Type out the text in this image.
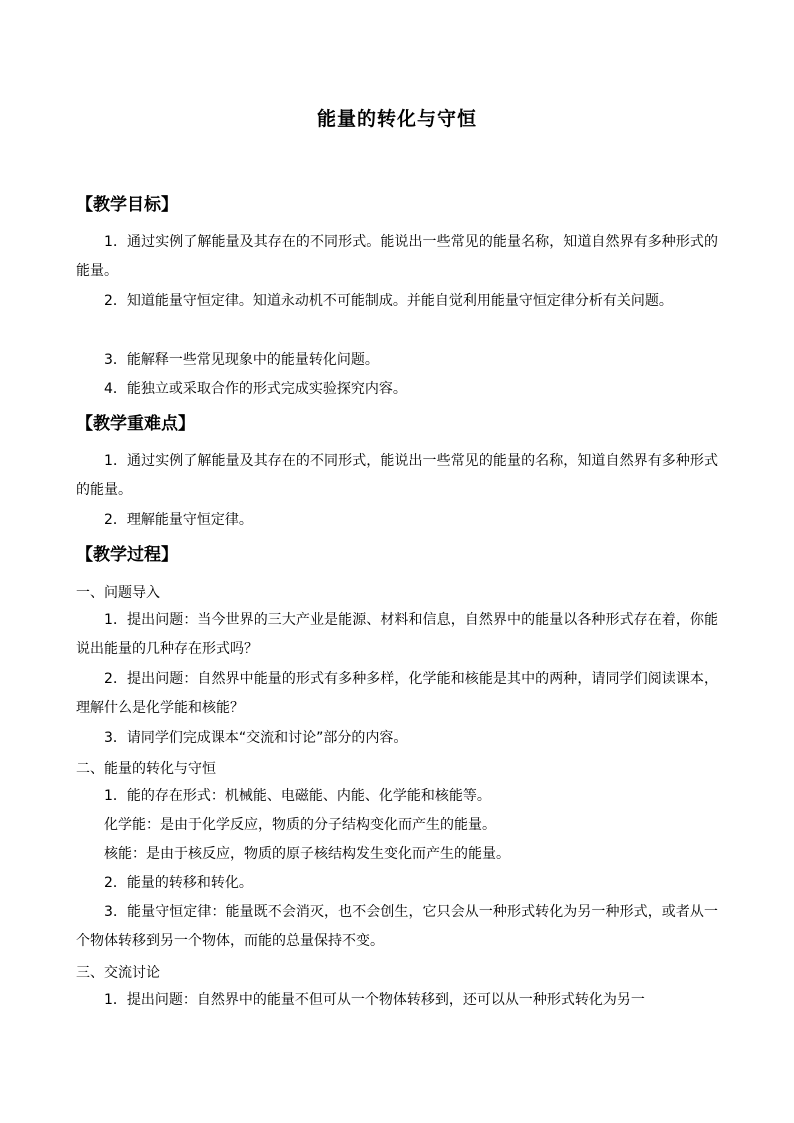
能量的转化与守恒
【教学目标】
1．通过实例了解能量及其存在的不同形式。能说出一些常见的能量名称，知道自然界有多种形式的能量。
2．知道能量守恒定律。知道永动机不可能制成。并能自觉利用能量守恒定律分析有关问题。
3．能解释一些常见现象中的能量转化问题。
4．能独立或采取合作的形式完成实验探究内容。
【教学重难点】
1．通过实例了解能量及其存在的不同形式，能说出一些常见的能量的名称，知道自然界有多种形式的能量。
2．理解能量守恒定律。
【教学过程】
一、问题导入
1．提出问题：当今世界的三大产业是能源、材料和信息，自然界中的能量以各种形式存在着，你能说出能量的几种存在形式吗？
2．提出问题：自然界中能量的形式有多种多样，化学能和核能是其中的两种，请同学们阅读课本，理解什么是化学能和核能？
3．请同学们完成课本“交流和讨论”部分的内容。
二、能量的转化与守恒
1．能的存在形式：机械能、电磁能、内能、化学能和核能等。
化学能：是由于化学反应，物质的分子结构变化而产生的能量。
核能：是由于核反应，物质的原子核结构发生变化而产生的能量。
2．能量的转移和转化。
3．能量守恒定律：能量既不会消灭，也不会创生，它只会从一种形式转化为另一种形式，或者从一个物体转移到另一个物体，而能的总量保持不变。
三、交流讨论
1．提出问题：自然界中的能量不但可从一个物体转移到，还可以从一种形式转化为另一
